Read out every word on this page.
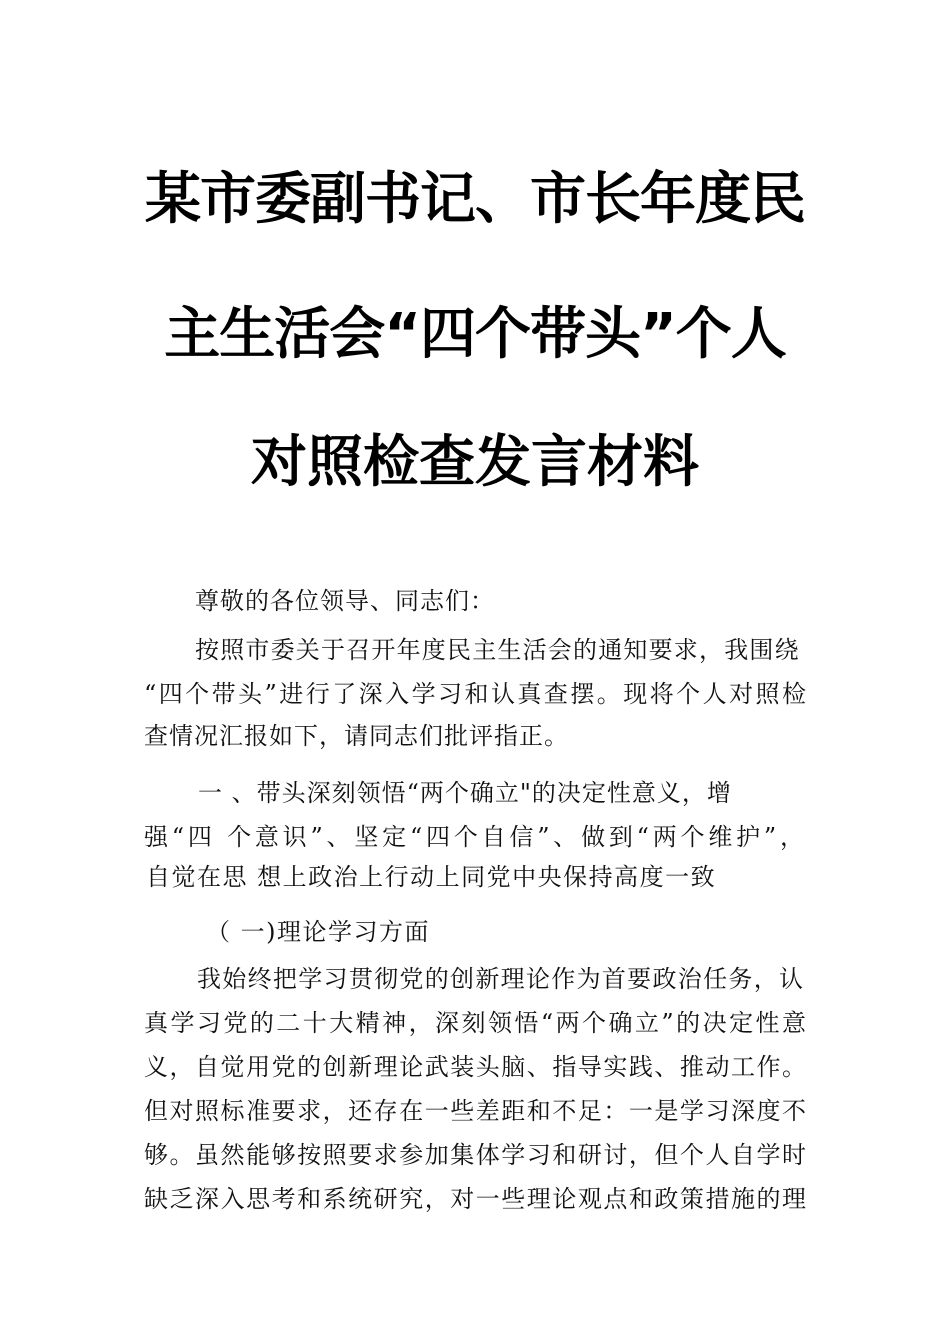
某市委副书记、市长年度民
主生活会“四个带头”个人
对照检查发言材料
尊敬的各位领导、同志们：
按照市委关于召开年度民主生活会的通知要求，我围绕
“四个带头”进行了深入学习和认真查摆。现将个人对照检
查情况汇报如下，请同志们批评指正。
一 、带头深刻领悟“两个确立"的决定性意义，增
强“四 个意识”、坚定“四个自信”、做到“两个维护”，
自觉在思 想上政治上行动上同党中央保持高度一致
（ 一)理论学习方面
我始终把学习贯彻党的创新理论作为首要政治任务，认
真学习党的二十大精神，深刻领悟“两个确立”的决定性意
义，自觉用党的创新理论武装头脑、指导实践、推动工作。
但对照标准要求，还存在一些差距和不足：一是学习深度不
够。虽然能够按照要求参加集体学习和研讨，但个人自学时
缺乏深入思考和系统研究，对一些理论观点和政策措施的理
